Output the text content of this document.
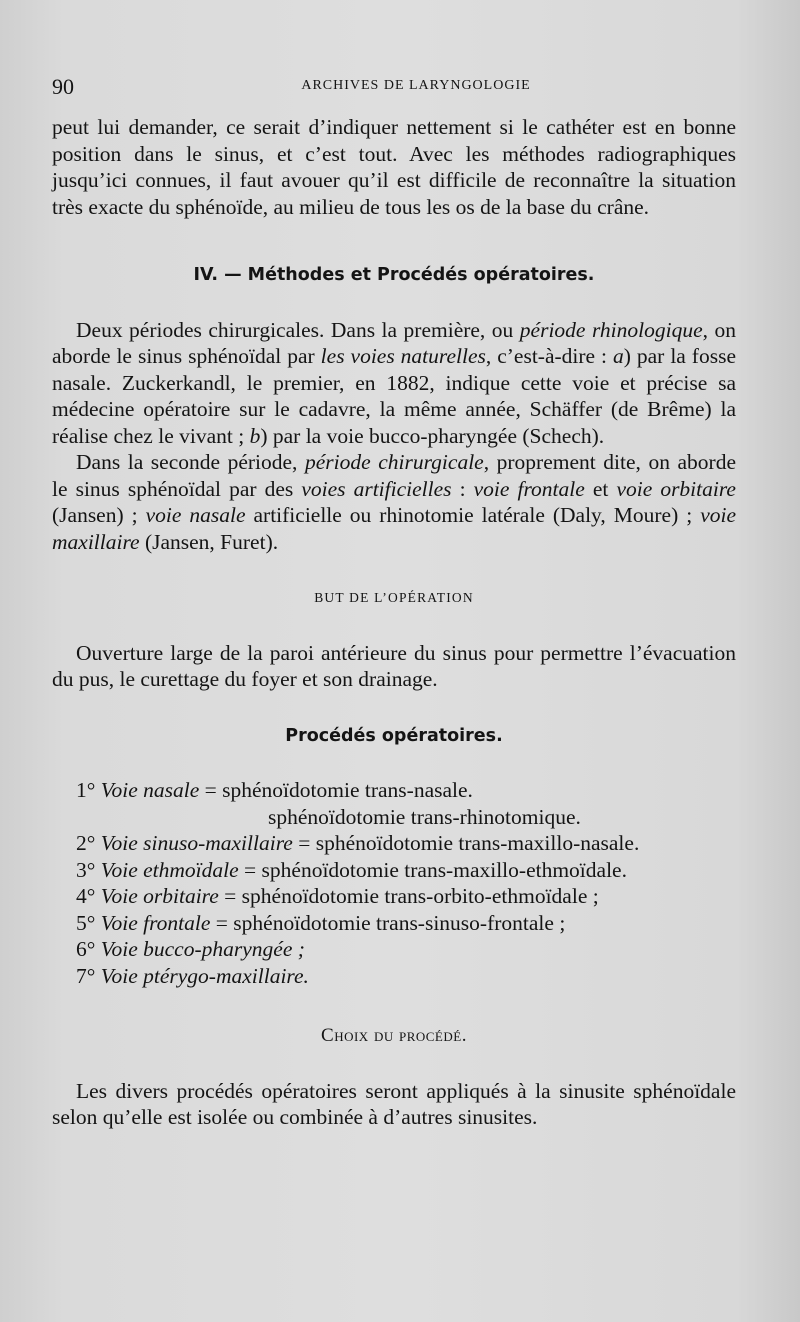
90	ARCHIVES DE LARYNGOLOGIE

peut lui demander, ce serait d’indiquer nettement si le cathéter est en bonne position dans le sinus, et c’est tout. Avec les méthodes radiographiques jusqu’ici connues, il faut avouer qu’il est difficile de reconnaître la situation très exacte du sphénoïde, au milieu de tous les os de la base du crâne.

IV. — Méthodes et Procédés opératoires.

Deux périodes chirurgicales. Dans la première, ou période rhinologique, on aborde le sinus sphénoïdal par les voies naturelles, c’est-à-dire : a) par la fosse nasale. Zuckerkandl, le premier, en 1882, indique cette voie et précise sa médecine opératoire sur le cadavre, la même année, Schäffer (de Brême) la réalise chez le vivant ; b) par la voie bucco-pharyngée (Schech).

Dans la seconde période, période chirurgicale, proprement dite, on aborde le sinus sphénoïdal par des voies artificielles : voie frontale et voie orbitaire (Jansen) ; voie nasale artificielle ou rhinotomie latérale (Daly, Moure) ; voie maxillaire (Jansen, Furet).

BUT DE L’OPÉRATION

Ouverture large de la paroi antérieure du sinus pour permettre l’évacuation du pus, le curettage du foyer et son drainage.

Procédés opératoires.

1° Voie nasale = sphénoïdotomie trans-nasale.

sphénoïdotomie trans-rhinotomique.

2° Voie sinuso-maxillaire = sphénoïdotomie trans-maxillo-nasale.

3° Voie ethmoïdale = sphénoïdotomie trans-maxillo-ethmoïdale.

4° Voie orbitaire = sphénoïdotomie trans-orbito-ethmoïdale ;

5° Voie frontale = sphénoïdotomie trans-sinuso-frontale ;

6° Voie bucco-pharyngée ;

7° Voie ptérygo-maxillaire.

Choix du procédé.

Les divers procédés opératoires seront appliqués à la sinusite sphénoïdale selon qu’elle est isolée ou combinée à d’autres sinusites.
